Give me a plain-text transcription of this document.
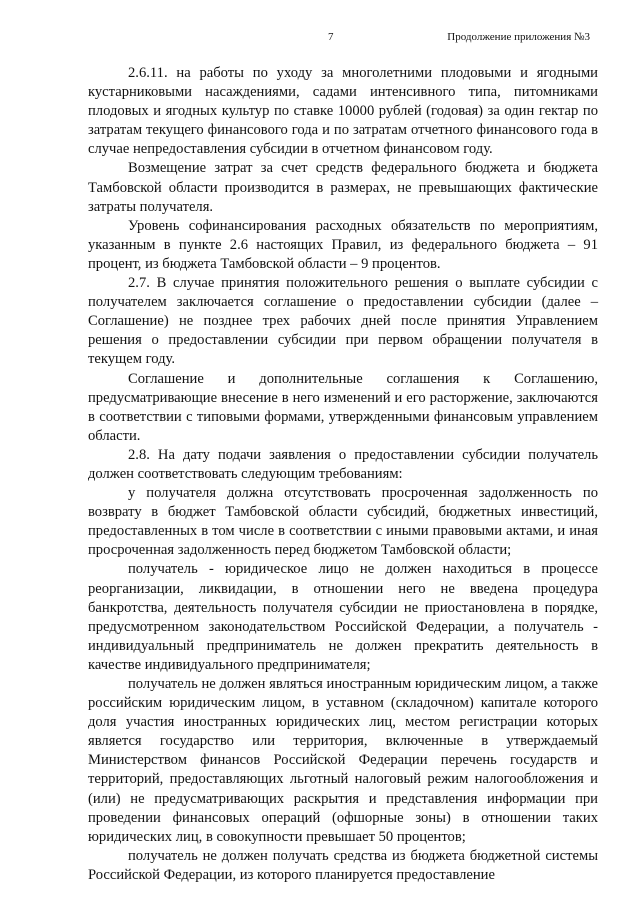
7	Продолжение приложения №3

2.6.11. на работы по уходу за многолетними плодовыми и ягодными кустарниковыми насаждениями, садами интенсивного типа, питомниками плодовых и ягодных культур по ставке 10000 рублей (годовая) за один гектар по затратам текущего финансового года и по затратам отчетного финансового года в случае непредоставления субсидии в отчетном финансовом году.

Возмещение затрат за счет средств федерального бюджета и бюджета Тамбовской области производится в размерах, не превышающих фактические затраты получателя.

Уровень софинансирования расходных обязательств по мероприятиям, указанным в пункте 2.6 настоящих Правил, из федерального бюджета – 91 процент, из бюджета Тамбовской области – 9 процентов.

2.7. В случае принятия положительного решения о выплате субсидии с получателем заключается соглашение о предоставлении субсидии (далее – Соглашение) не позднее трех рабочих дней после принятия Управлением решения о предоставлении субсидии при первом обращении получателя в текущем году.

Соглашение и дополнительные соглашения к Соглашению, предусматривающие внесение в него изменений и его расторжение, заключаются в соответствии с типовыми формами, утвержденными финансовым управлением области.

2.8. На дату подачи заявления о предоставлении субсидии получатель должен соответствовать следующим требованиям:

у получателя должна отсутствовать просроченная задолженность по возврату в бюджет Тамбовской области субсидий, бюджетных инвестиций, предоставленных в том числе в соответствии с иными правовыми актами, и иная просроченная задолженность перед бюджетом Тамбовской области;

получатель - юридическое лицо не должен находиться в процессе реорганизации, ликвидации, в отношении него не введена процедура банкротства, деятельность получателя субсидии не приостановлена в порядке, предусмотренном законодательством Российской Федерации, а получатель - индивидуальный предприниматель не должен прекратить деятельность в качестве индивидуального предпринимателя;

получатель не должен являться иностранным юридическим лицом, а также российским юридическим лицом, в уставном (складочном) капитале которого доля участия иностранных юридических лиц, местом регистрации которых является государство или территория, включенные в утверждаемый Министерством финансов Российской Федерации перечень государств и территорий, предоставляющих льготный налоговый режим налогообложения и (или) не предусматривающих раскрытия и представления информации при проведении финансовых операций (офшорные зоны) в отношении таких юридических лиц, в совокупности превышает 50 процентов;

получатель не должен получать средства из бюджета бюджетной системы Российской Федерации, из которого планируется предоставление
